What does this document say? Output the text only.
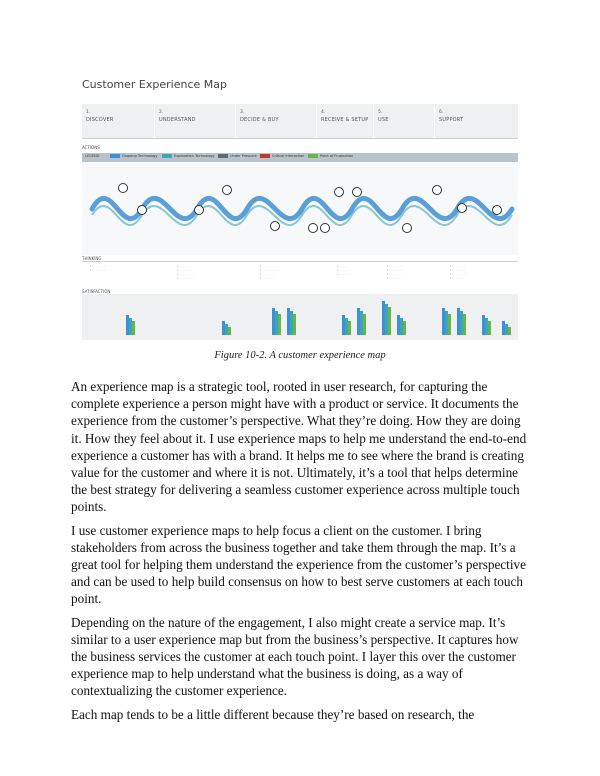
Customer Experience Map
1.
DISCOVER
2.
UNDERSTAND
3.
DECIDE & BUY
4.
RECEIVE & SETUP
5.
USE
6.
SUPPORT
ACTIONS
LEGEND	Ongoing Technology	Exploration Technology	Under Pressure	Critical Interaction	Point of Frustration
THINKING
• · · · · · · · · ·
• · · · · · · · · · · ·
• · · · · · · · ·
• · · · · · · · · ·
• · · · · · · · ·
• · · · · · · · · · ·
• · · · · · · · · · ·
• · · · · · · · · · · ·
• · · · · · · ·
• · · · · · · · ·
• · · · · · ·
• · · · · · · · ·
• · · · · · · · · ·
• · · · · · · · · ·
• · · · · · · · · ·
• · · · · · · · ·
• · · · · · · · · ·
• · · · · · · · · · ·
• · · · · · · · · ·
• · · · · · · · · · ·
• · · · · · · ·
SATISFACTION
Figure 10-2. A customer experience map

An experience map is a strategic tool, rooted in user research, for capturing the complete experience a person might have with a product or service. It documents the experience from the customer’s perspective. What they’re doing. How they are doing it. How they feel about it. I use experience maps to help me understand the end-to-end experience a customer has with a brand. It helps me to see where the brand is creating value for the customer and where it is not. Ultimately, it’s a tool that helps determine the best strategy for delivering a seamless customer experience across multiple touch points.

I use customer experience maps to help focus a client on the customer. I bring stakeholders from across the business together and take them through the map. It’s a great tool for helping them understand the experience from the customer’s perspective and can be used to help build consensus on how to best serve customers at each touch point.

Depending on the nature of the engagement, I also might create a service map. It’s similar to a user experience map but from the business’s perspective. It captures how the business services the customer at each touch point. I layer this over the customer experience map to help understand what the business is doing, as a way of contextualizing the customer experience.

Each map tends to be a little different because they’re based on research, the
